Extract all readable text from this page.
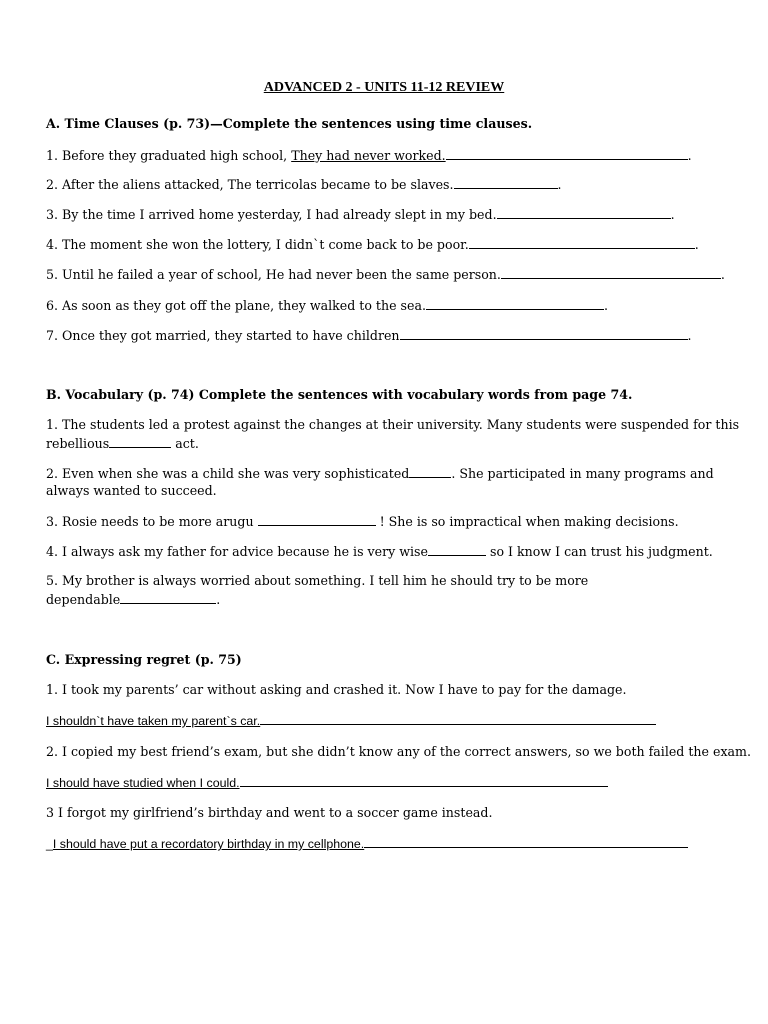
ADVANCED 2 - UNITS 11-12 REVIEW
A. Time Clauses (p. 73)—Complete the sentences using time clauses.
1. Before they graduated high school, They had never worked.	.
2. After the aliens attacked, The terricolas became to be slaves.	.
3. By the time I arrived home yesterday, I had already slept in my bed.	.
4. The moment she won the lottery, I didn`t come back to be poor.	.
5. Until he failed a year of school, He had never been the same person.	.
6. As soon as they got off the plane, they walked to the sea.	.
7. Once they got married, they started to have children	.
B. Vocabulary (p. 74) Complete the sentences with vocabulary words from page 74.
1. The students led a protest against the changes at their university. Many students were suspended for this
rebellious	act.
2. Even when she was a child she was very sophisticated	. She participated in many programs and
always wanted to succeed.
3. Rosie needs to be more arugu	! She is so impractical when making decisions.
4. I always ask my father for advice because he is very wise	so I know I can trust his judgment.
5. My brother is always worried about something. I tell him he should try to be more
dependable	.
C. Expressing regret (p. 75)
1. I took my parents’ car without asking and crashed it. Now I have to pay for the damage.
I shouldn`t have taken my parent`s car.
2. I copied my best friend’s exam, but she didn’t know any of the correct answers, so we both failed the exam.
I should have studied when I could.
3 I forgot my girlfriend’s birthday and went to a soccer game instead.
_I should have put a recordatory birthday in my cellphone.
